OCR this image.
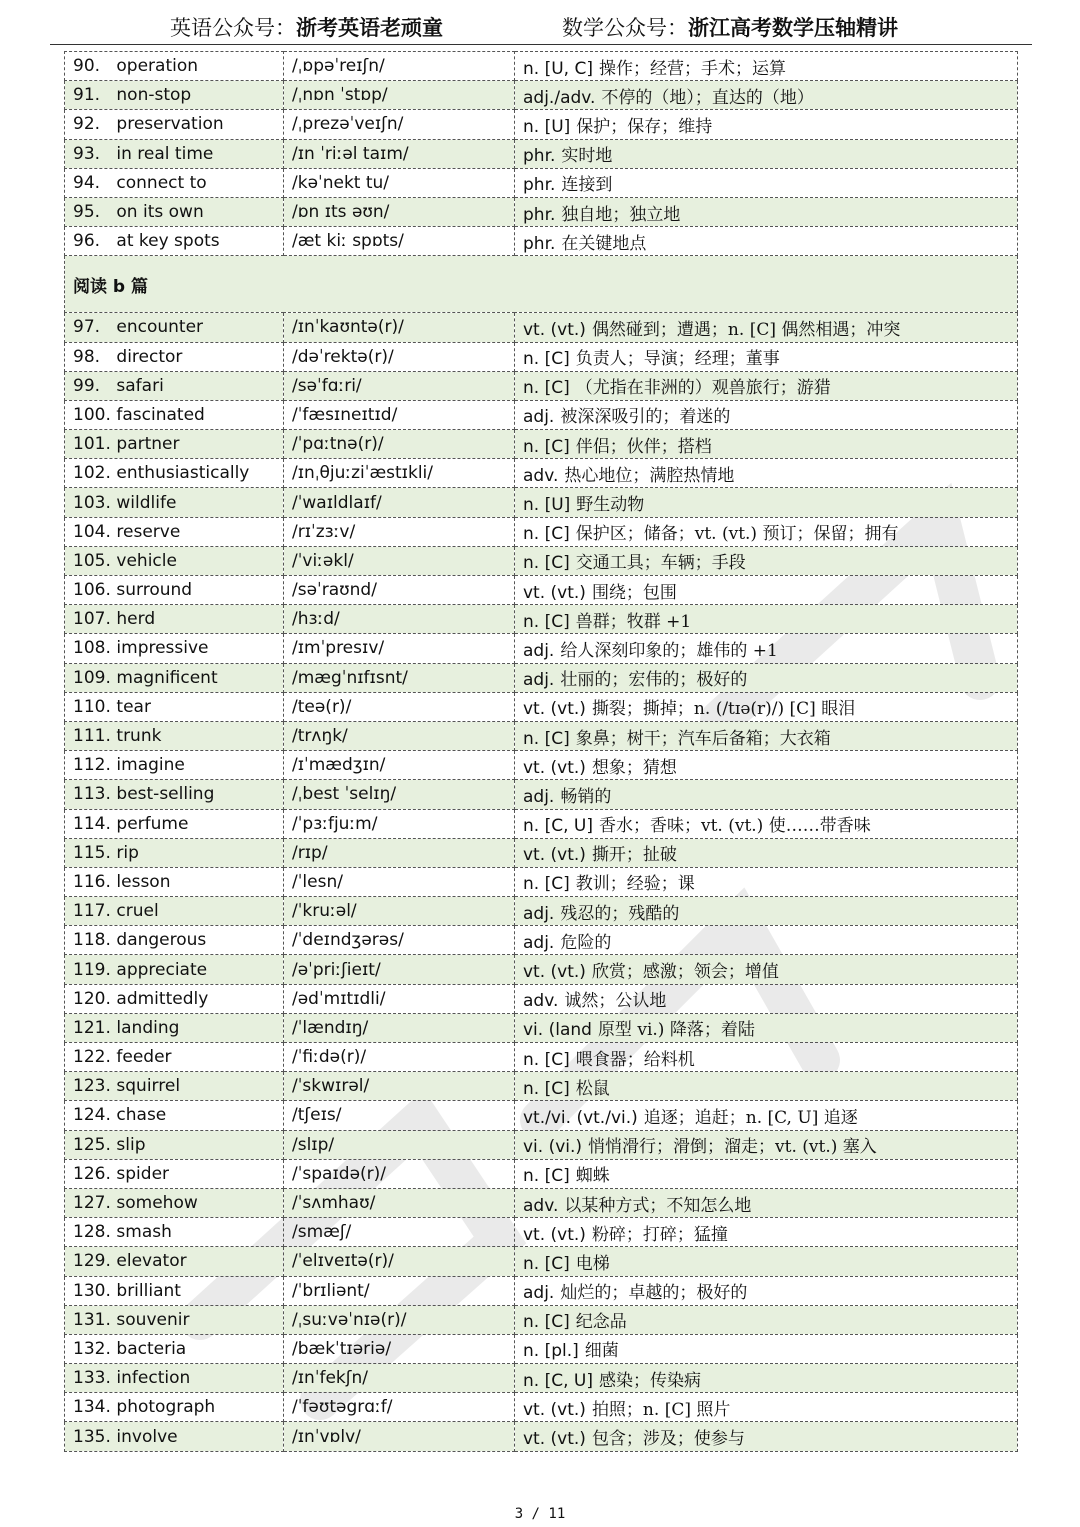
英语公众号：浙考英语老顽童	数学公众号：浙江高考数学压轴精讲
90. operation	/ˌɒpəˈreɪʃn/	n. [U, C] 操作；经营；手术；运算
91. non-stop	/ˌnɒn ˈstɒp/	adj./adv. 不停的（地）；直达的（地）
92. preservation	/ˌprezəˈveɪʃn/	n. [U] 保护；保存；维持
93. in real time	/ɪn ˈriːəl taɪm/	phr. 实时地
94. connect to	/kəˈnekt tu/	phr. 连接到
95. on its own	/ɒn ɪts əʊn/	phr. 独自地；独立地
96. at key spots	/æt kiː spɒts/	phr. 在关键地点
阅读 b 篇		
97. encounter	/ɪnˈkaʊntə(r)/	vt. (vt.) 偶然碰到；遭遇；n. [C] 偶然相遇；冲突
98. director	/dəˈrektə(r)/	n. [C] 负责人；导演；经理；董事
99. safari	/səˈfɑːri/	n. [C] （尤指在非洲的）观兽旅行；游猎
100. fascinated	/ˈfæsɪneɪtɪd/	adj. 被深深吸引的；着迷的
101. partner	/ˈpɑːtnə(r)/	n. [C] 伴侣；伙伴；搭档
102. enthusiastically	/ɪnˌθjuːziˈæstɪkli/	adv. 热心地位；满腔热情地
103. wildlife	/ˈwaɪldlaɪf/	n. [U] 野生动物
104. reserve	/rɪˈzɜːv/	n. [C] 保护区；储备；vt. (vt.) 预订；保留；拥有
105. vehicle	/ˈviːəkl/	n. [C] 交通工具；车辆；手段
106. surround	/səˈraʊnd/	vt. (vt.) 围绕；包围
107. herd	/hɜːd/	n. [C] 兽群；牧群 +1
108. impressive	/ɪmˈpresɪv/	adj. 给人深刻印象的；雄伟的 +1
109. magnificent	/mægˈnɪfɪsnt/	adj. 壮丽的；宏伟的；极好的
110. tear	/teə(r)/	vt. (vt.) 撕裂；撕掉；n. (/tɪə(r)/) [C] 眼泪
111. trunk	/trʌŋk/	n. [C] 象鼻；树干；汽车后备箱；大衣箱
112. imagine	/ɪˈmædʒɪn/	vt. (vt.) 想象；猜想
113. best-selling	/ˌbest ˈselɪŋ/	adj. 畅销的
114. perfume	/ˈpɜːfjuːm/	n. [C, U] 香水；香味；vt. (vt.) 使……带香味
115. rip	/rɪp/	vt. (vt.) 撕开；扯破
116. lesson	/ˈlesn/	n. [C] 教训；经验；课
117. cruel	/ˈkruːəl/	adj. 残忍的；残酷的
118. dangerous	/ˈdeɪndʒərəs/	adj. 危险的
119. appreciate	/əˈpriːʃieɪt/	vt. (vt.) 欣赏；感激；领会；增值
120. admittedly	/ədˈmɪtɪdli/	adv. 诚然；公认地
121. landing	/ˈlændɪŋ/	vi. (land 原型 vi.) 降落；着陆
122. feeder	/ˈfiːdə(r)/	n. [C] 喂食器；给料机
123. squirrel	/ˈskwɪrəl/	n. [C] 松鼠
124. chase	/tʃeɪs/	vt./vi. (vt./vi.) 追逐；追赶；n. [C, U] 追逐
125. slip	/slɪp/	vi. (vi.) 悄悄滑行；滑倒；溜走；vt. (vt.) 塞入
126. spider	/ˈspaɪdə(r)/	n. [C] 蜘蛛
127. somehow	/ˈsʌmhaʊ/	adv. 以某种方式；不知怎么地
128. smash	/smæʃ/	vt. (vt.) 粉碎；打碎；猛撞
129. elevator	/ˈelɪveɪtə(r)/	n. [C] 电梯
130. brilliant	/ˈbrɪliənt/	adj. 灿烂的；卓越的；极好的
131. souvenir	/ˌsuːvəˈnɪə(r)/	n. [C] 纪念品
132. bacteria	/bækˈtɪəriə/	n. [pl.] 细菌
133. infection	/ɪnˈfekʃn/	n. [C, U] 感染；传染病
134. photograph	/ˈfəʊtəgrɑːf/	vt. (vt.) 拍照；n. [C] 照片
135. involve	/ɪnˈvɒlv/	vt. (vt.) 包含；涉及；使参与
3 / 11
